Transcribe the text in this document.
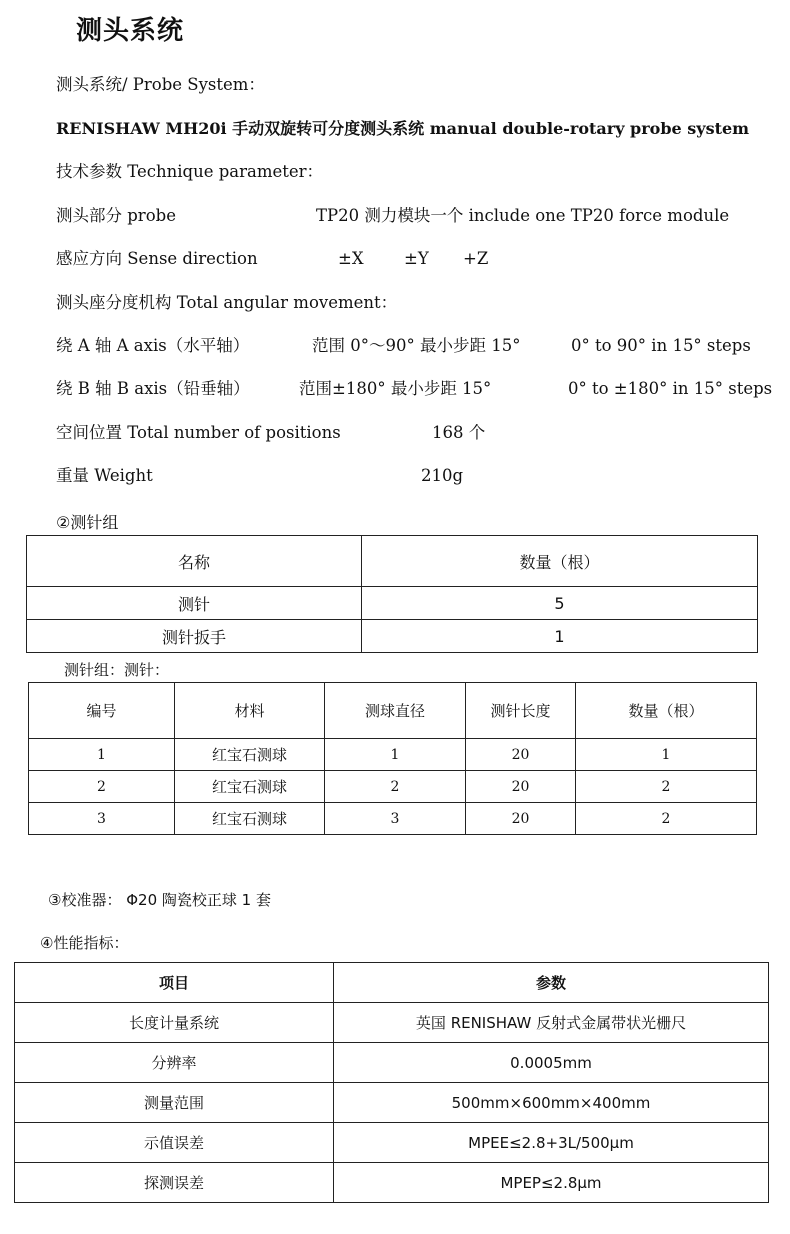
测头系统
测头系统/ Probe System：
RENISHAW MH20i 手动双旋转可分度测头系统 manual double-rotary probe system
技术参数 Technique parameter：
测头部分 probe	TP20 测力模块一个 include one TP20 force module
感应方向 Sense direction	±X ±Y +Z
测头座分度机构 Total angular movement：
绕 A 轴 A axis（水平轴）	范围 0°～90° 最小步距 15°	0° to 90° in 15° steps
绕 B 轴 B axis（铅垂轴）	范围±180° 最小步距 15°	0° to ±180° in 15° steps
空间位置 Total number of positions	168 个
重量 Weight	210g
②测针组
名称	数量（根）
测针	5
测针扳手	1
测针组：测针：
编号	材料	测球直径	测针长度	数量（根）
1	红宝石测球	1	20	1
2	红宝石测球	2	20	2
3	红宝石测球	3	20	2
③校准器： Φ20 陶瓷校正球 1 套
④性能指标：
项目	参数
长度计量系统	英国 RENISHAW 反射式金属带状光栅尺
分辨率	0.0005mm
测量范围	500mm×600mm×400mm
示值误差	MPEE≤2.8+3L/500μm
探测误差	MPEP≤2.8μm
